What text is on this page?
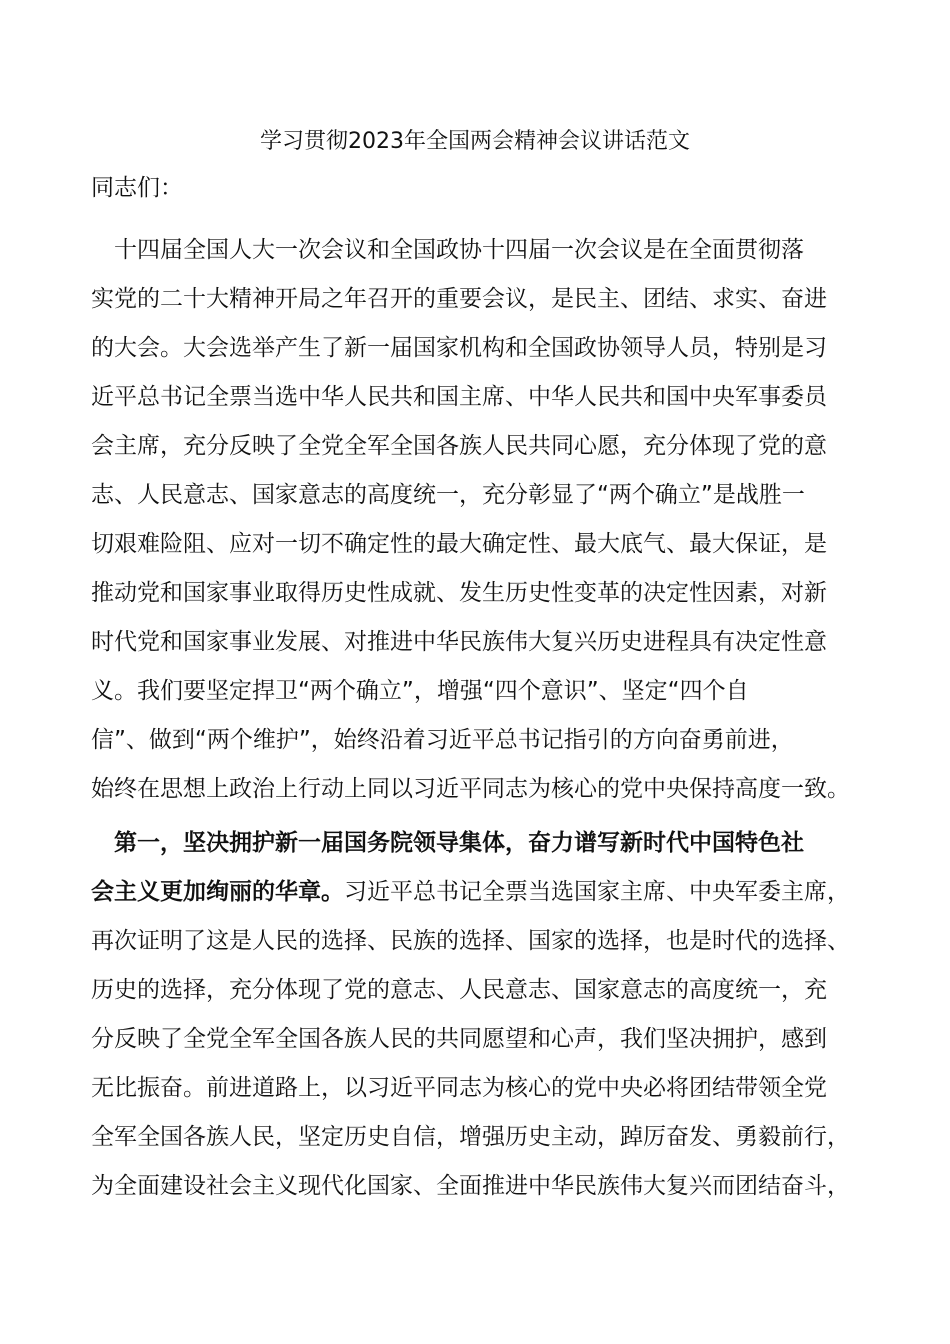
学习贯彻2023年全国两会精神会议讲话范文
同志们：
　十四届全国人大一次会议和全国政协十四届一次会议是在全面贯彻落
实党的二十大精神开局之年召开的重要会议，是民主、团结、求实、奋进
的大会。大会选举产生了新一届国家机构和全国政协领导人员，特别是习
近平总书记全票当选中华人民共和国主席、中华人民共和国中央军事委员
会主席，充分反映了全党全军全国各族人民共同心愿，充分体现了党的意
志、人民意志、国家意志的高度统一，充分彰显了“两个确立”是战胜一
切艰难险阻、应对一切不确定性的最大确定性、最大底气、最大保证，是
推动党和国家事业取得历史性成就、发生历史性变革的决定性因素，对新
时代党和国家事业发展、对推进中华民族伟大复兴历史进程具有决定性意
义。我们要坚定捍卫“两个确立”，增强“四个意识”、坚定“四个自
信”、做到“两个维护”，始终沿着习近平总书记指引的方向奋勇前进，
始终在思想上政治上行动上同以习近平同志为核心的党中央保持高度一致。
　第一，坚决拥护新一届国务院领导集体，奋力谱写新时代中国特色社
会主义更加绚丽的华章。习近平总书记全票当选国家主席、中央军委主席，
再次证明了这是人民的选择、民族的选择、国家的选择，也是时代的选择、
历史的选择，充分体现了党的意志、人民意志、国家意志的高度统一，充
分反映了全党全军全国各族人民的共同愿望和心声，我们坚决拥护，感到
无比振奋。前进道路上，以习近平同志为核心的党中央必将团结带领全党
全军全国各族人民，坚定历史自信，增强历史主动，踔厉奋发、勇毅前行，
为全面建设社会主义现代化国家、全面推进中华民族伟大复兴而团结奋斗，
